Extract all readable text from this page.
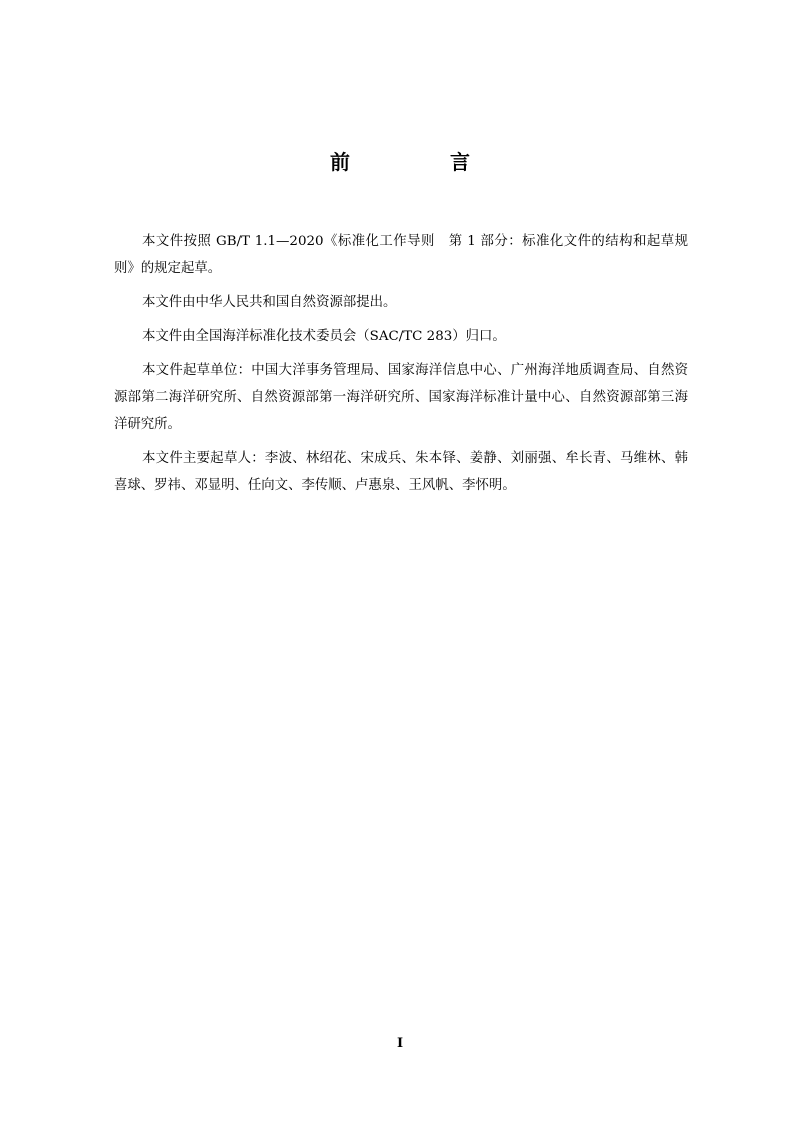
前　言

本文件按照 GB/T 1.1—2020《标准化工作导则　第 1 部分：标准化文件的结构和起草规则》的规定起草。

本文件由中华人民共和国自然资源部提出。

本文件由全国海洋标准化技术委员会（SAC/TC 283）归口。

本文件起草单位：中国大洋事务管理局、国家海洋信息中心、广州海洋地质调查局、自然资源部第二海洋研究所、自然资源部第一海洋研究所、国家海洋标准计量中心、自然资源部第三海洋研究所。

本文件主要起草人：李波、林绍花、宋成兵、朱本铎、姜静、刘丽强、牟长青、马维林、韩喜球、罗祎、邓显明、任向文、李传顺、卢惠泉、王风帆、李怀明。

I
